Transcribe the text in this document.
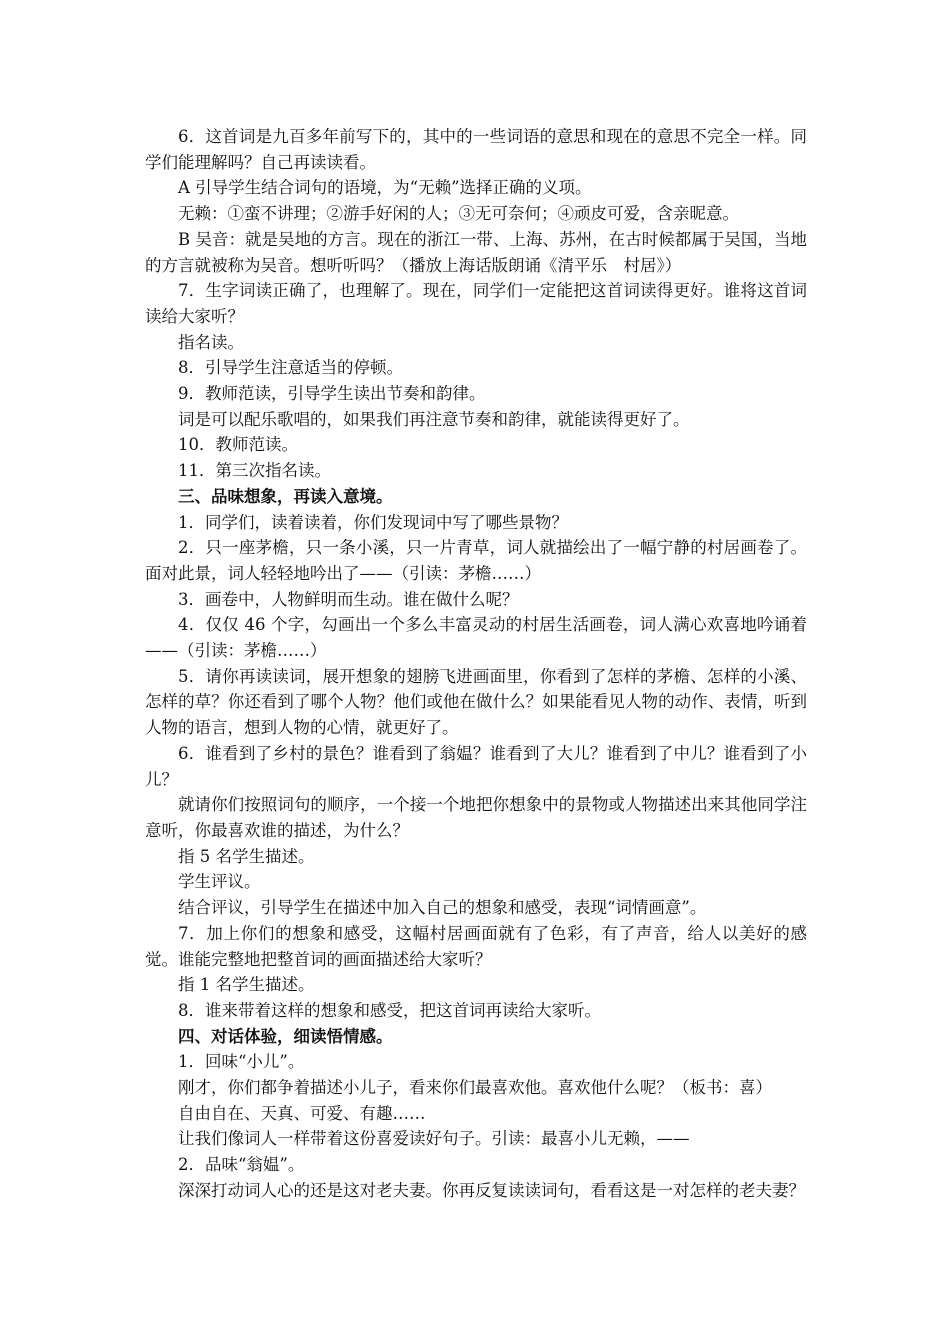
6．这首词是九百多年前写下的，其中的一些词语的意思和现在的意思不完全一样。同学们能理解吗？自己再读读看。

A 引导学生结合词句的语境，为“无赖”选择正确的义项。

无赖：①蛮不讲理；②游手好闲的人；③无可奈何；④顽皮可爱，含亲昵意。

B 吴音：就是吴地的方言。现在的浙江一带、上海、苏州，在古时候都属于吴国，当地的方言就被称为吴音。想听听吗？（播放上海话版朗诵《清平乐　村居》）

7．生字词读正确了，也理解了。现在，同学们一定能把这首词读得更好。谁将这首词读给大家听？

指名读。

8．引导学生注意适当的停顿。

9．教师范读，引导学生读出节奏和韵律。

词是可以配乐歌唱的，如果我们再注意节奏和韵律，就能读得更好了。

10．教师范读。

11．第三次指名读。

三、品味想象，再读入意境。

1．同学们，读着读着，你们发现词中写了哪些景物？

2．只一座茅檐，只一条小溪，只一片青草，词人就描绘出了一幅宁静的村居画卷了。面对此景，词人轻轻地吟出了——（引读：茅檐……）

3．画卷中，人物鲜明而生动。谁在做什么呢？

4．仅仅 46 个字，勾画出一个多么丰富灵动的村居生活画卷，词人满心欢喜地吟诵着——（引读：茅檐……）

5．请你再读读词，展开想象的翅膀飞进画面里，你看到了怎样的茅檐、怎样的小溪、怎样的草？你还看到了哪个人物？他们或他在做什么？如果能看见人物的动作、表情，听到人物的语言，想到人物的心情，就更好了。

6．谁看到了乡村的景色？谁看到了翁媪？谁看到了大儿？谁看到了中儿？谁看到了小儿？

就请你们按照词句的顺序，一个接一个地把你想象中的景物或人物描述出来其他同学注意听，你最喜欢谁的描述，为什么？

指 5 名学生描述。

学生评议。

结合评议，引导学生在描述中加入自己的想象和感受，表现“词情画意”。

7．加上你们的想象和感受，这幅村居画面就有了色彩，有了声音，给人以美好的感觉。谁能完整地把整首词的画面描述给大家听？

指 1 名学生描述。

8．谁来带着这样的想象和感受，把这首词再读给大家听。

四、对话体验，细读悟情感。

1．回味“小儿”。

刚才，你们都争着描述小儿子，看来你们最喜欢他。喜欢他什么呢？（板书：喜）

自由自在、天真、可爱、有趣……

让我们像词人一样带着这份喜爱读好句子。引读：最喜小儿无赖，——

2．品味“翁媪”。

深深打动词人心的还是这对老夫妻。你再反复读读词句，看看这是一对怎样的老夫妻？
